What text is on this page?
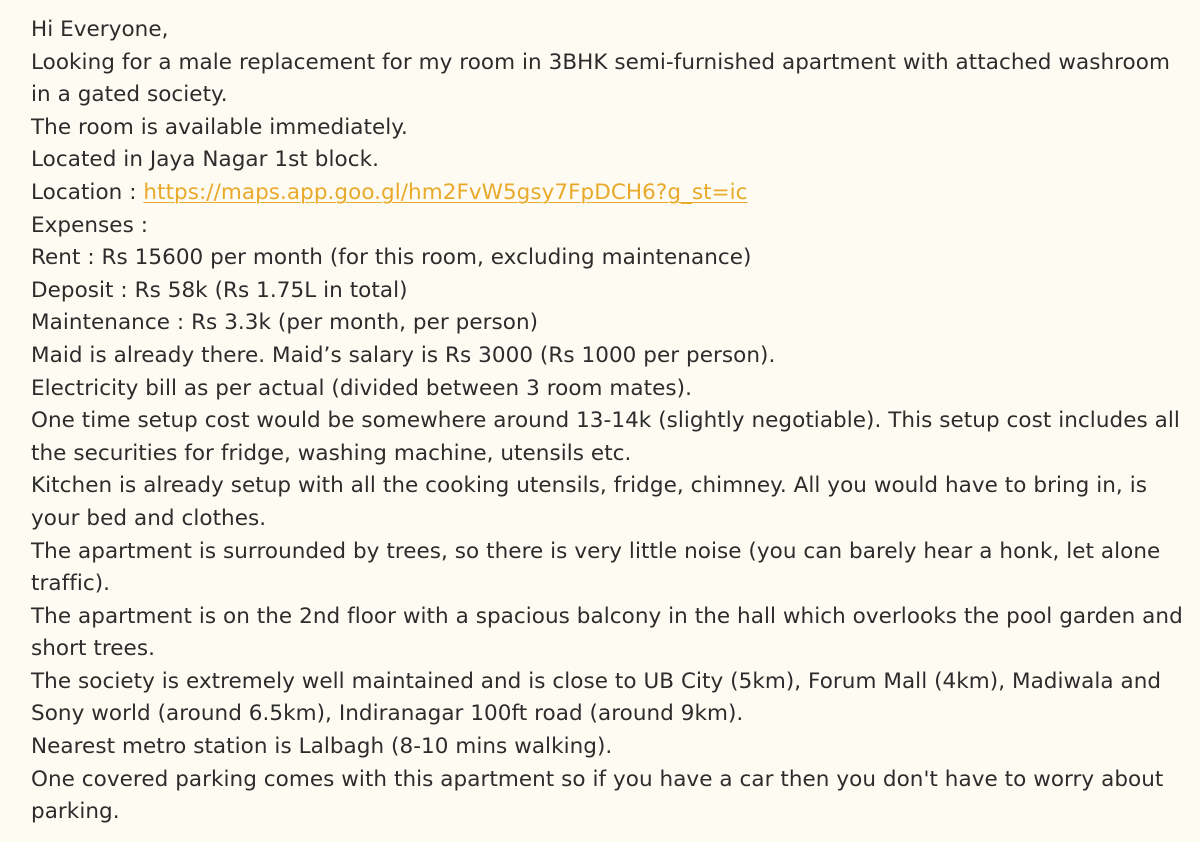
Hi Everyone,
Looking for a male replacement for my room in 3BHK semi-furnished apartment with attached washroom in a gated society.
The room is available immediately.
Located in Jaya Nagar 1st block.
Location : https://maps.app.goo.gl/hm2FvW5gsy7FpDCH6?g_st=ic
Expenses :
Rent : Rs 15600 per month (for this room, excluding maintenance)
Deposit : Rs 58k (Rs 1.75L in total)
Maintenance : Rs 3.3k (per month, per person)
Maid is already there. Maid’s salary is Rs 3000 (Rs 1000 per person).
Electricity bill as per actual (divided between 3 room mates).
One time setup cost would be somewhere around 13-14k (slightly negotiable). This setup cost includes all the securities for fridge, washing machine, utensils etc.
Kitchen is already setup with all the cooking utensils, fridge, chimney. All you would have to bring in, is your bed and clothes.
The apartment is surrounded by trees, so there is very little noise (you can barely hear a honk, let alone traffic).
The apartment is on the 2nd floor with a spacious balcony in the hall which overlooks the pool garden and short trees.
The society is extremely well maintained and is close to UB City (5km), Forum Mall (4km), Madiwala and Sony world (around 6.5km), Indiranagar 100ft road (around 9km).
Nearest metro station is Lalbagh (8-10 mins walking).
One covered parking comes with this apartment so if you have a car then you don't have to worry about parking.
